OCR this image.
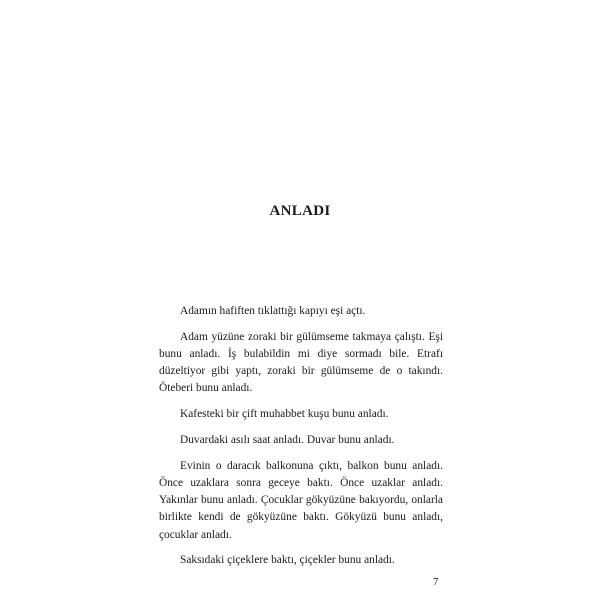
ANLADI

Adamın hafiften tıklattığı kapıyı eşi açtı.

Adam yüzüne zoraki bir gülümseme takmaya çalıştı. Eşi bunu anladı. İş bulabildin mi diye sormadı bile. Etrafı düzeltiyor gibi yaptı, zoraki bir gülümseme de o takındı. Öteberi bunu anladı.

Kafesteki bir çift muhabbet kuşu bunu anladı.

Duvardaki asılı saat anladı. Duvar bunu anladı.

Evinin o daracık balkonuna çıktı, balkon bunu anladı. Önce uzaklara sonra geceye baktı. Önce uzaklar anladı. Yakınlar bunu anladı. Çocuklar gökyüzüne bakıyordu, onlarla birlikte kendi de gökyüzüne baktı. Gökyüzü bunu anladı, çocuklar anladı.

Saksıdaki çiçeklere baktı, çiçekler bunu anladı.

7
